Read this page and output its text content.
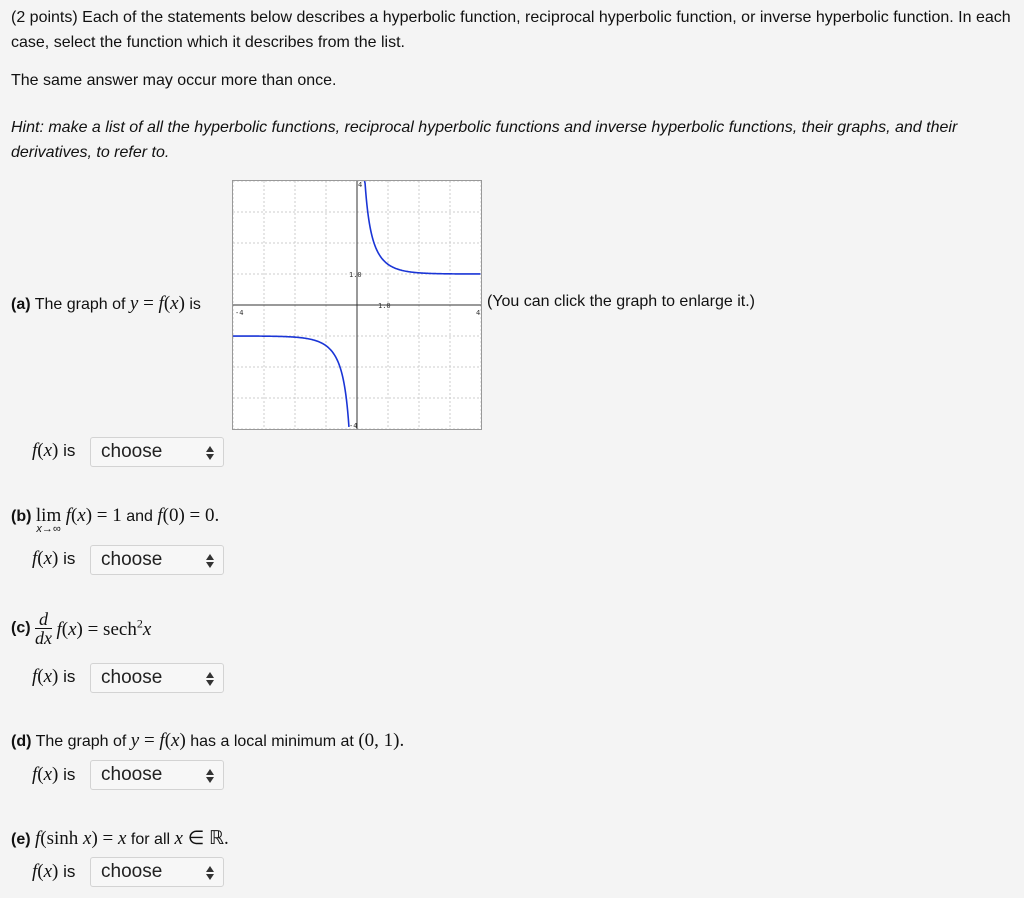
(2 points) Each of the statements below describes a hyperbolic function, reciprocal hyperbolic function, or inverse hyperbolic function. In each case, select the function which it describes from the list.
The same answer may occur more than once.
Hint: make a list of all the hyperbolic functions, reciprocal hyperbolic functions and inverse hyperbolic functions, their graphs, and their derivatives, to refer to.
(a) The graph of y = f(x) is	-4	4
1.0
1.0
4
-4
(You can click the graph to enlarge it.)
f(x) is	choose
(b) lim
x→∞
f(x) = 1 and f(0) = 0.
f(x) is	choose
$(c) \frac{d}{dx} f(x) = \sec h^2x$
f(x) is	choose
(d) The graph of y = f(x) has a local minimum at (0, 1).
f(x) is	choose
(e) f(sinh x) = x for all x ∈ ℝ.
f(x) is	choose
